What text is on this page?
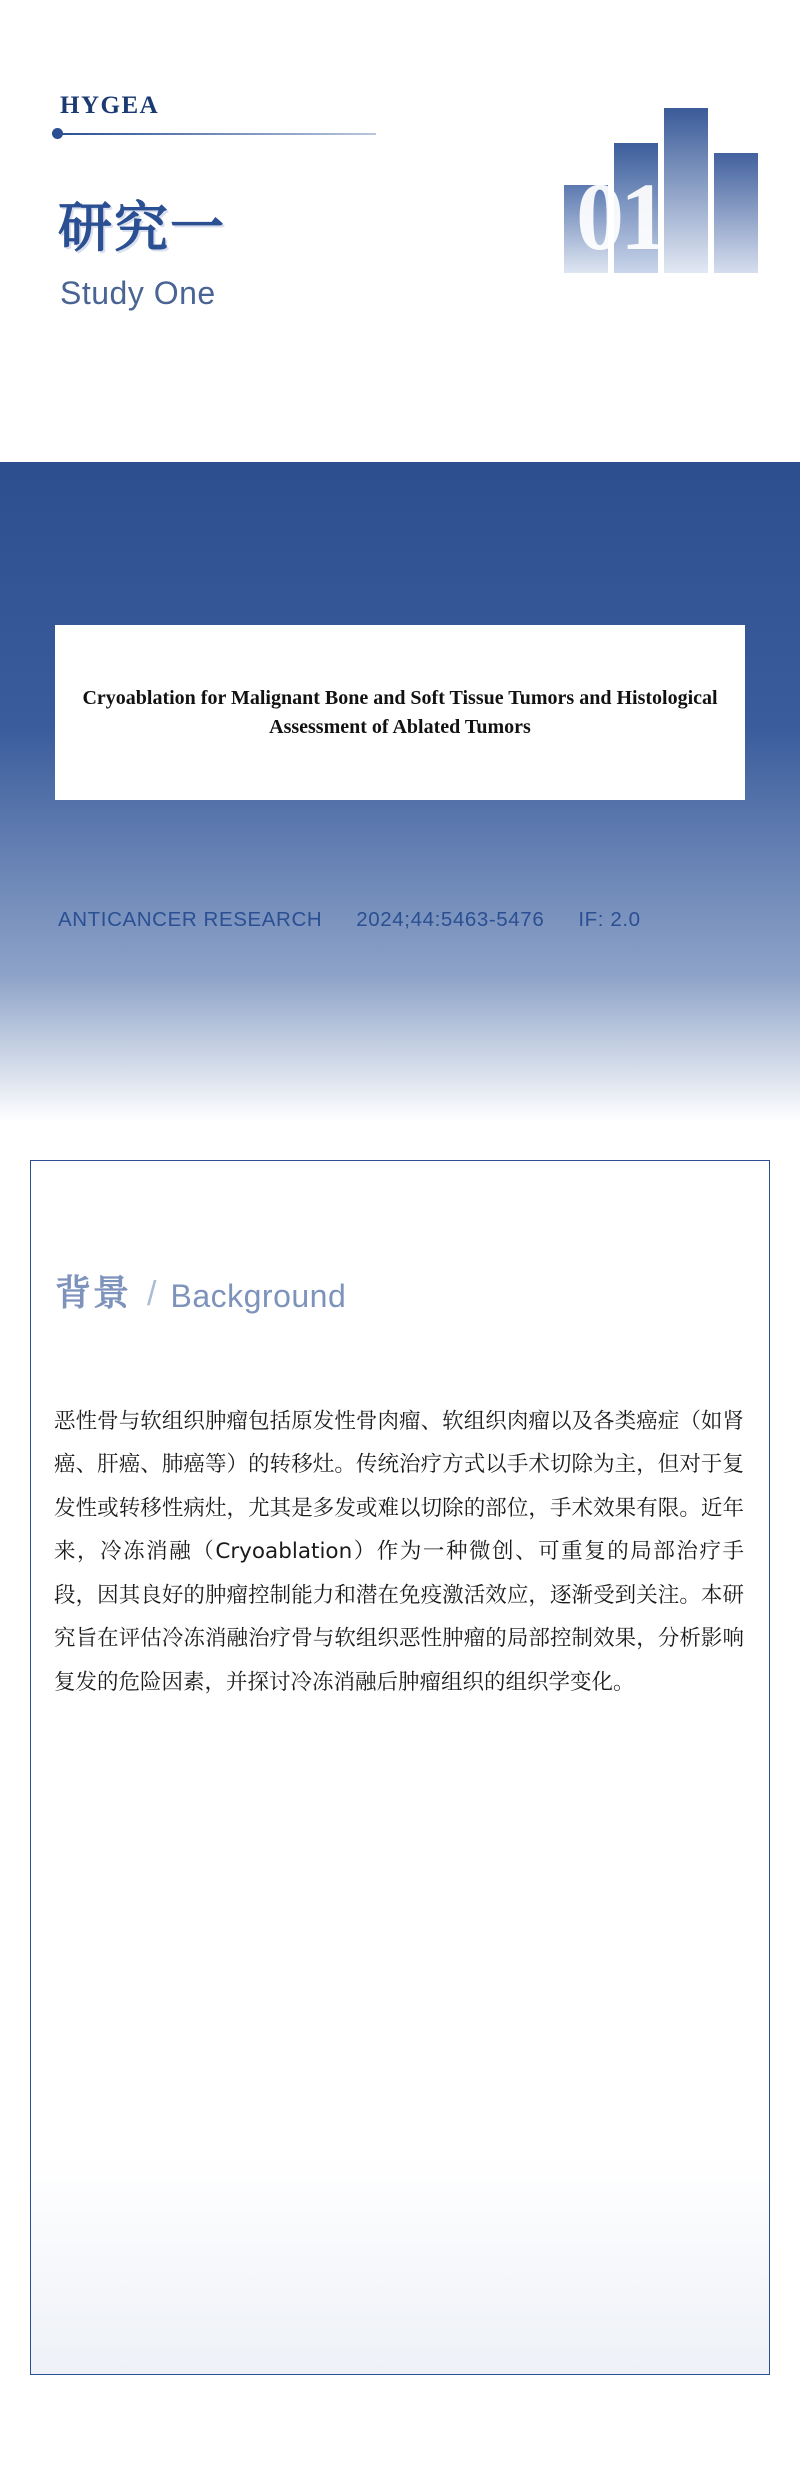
HYGEA
研究一
Study One
01
Cryoablation for Malignant Bone and Soft Tissue Tumors and Histological Assessment of Ablated Tumors
ANTICANCER RESEARCH 2024;44:5463-5476 IF: 2.0
背景 / Background
恶性骨与软组织肿瘤包括原发性骨肉瘤、软组织肉瘤以及各类癌症（如肾癌、肝癌、肺癌等）的转移灶。传统治疗方式以手术切除为主，但对于复发性或转移性病灶，尤其是多发或难以切除的部位，手术效果有限。近年来，冷冻消融（Cryoablation）作为一种微创、可重复的局部治疗手段，因其良好的肿瘤控制能力和潜在免疫激活效应，逐渐受到关注。本研究旨在评估冷冻消融治疗骨与软组织恶性肿瘤的局部控制效果，分析影响复发的危险因素，并探讨冷冻消融后肿瘤组织的组织学变化。
